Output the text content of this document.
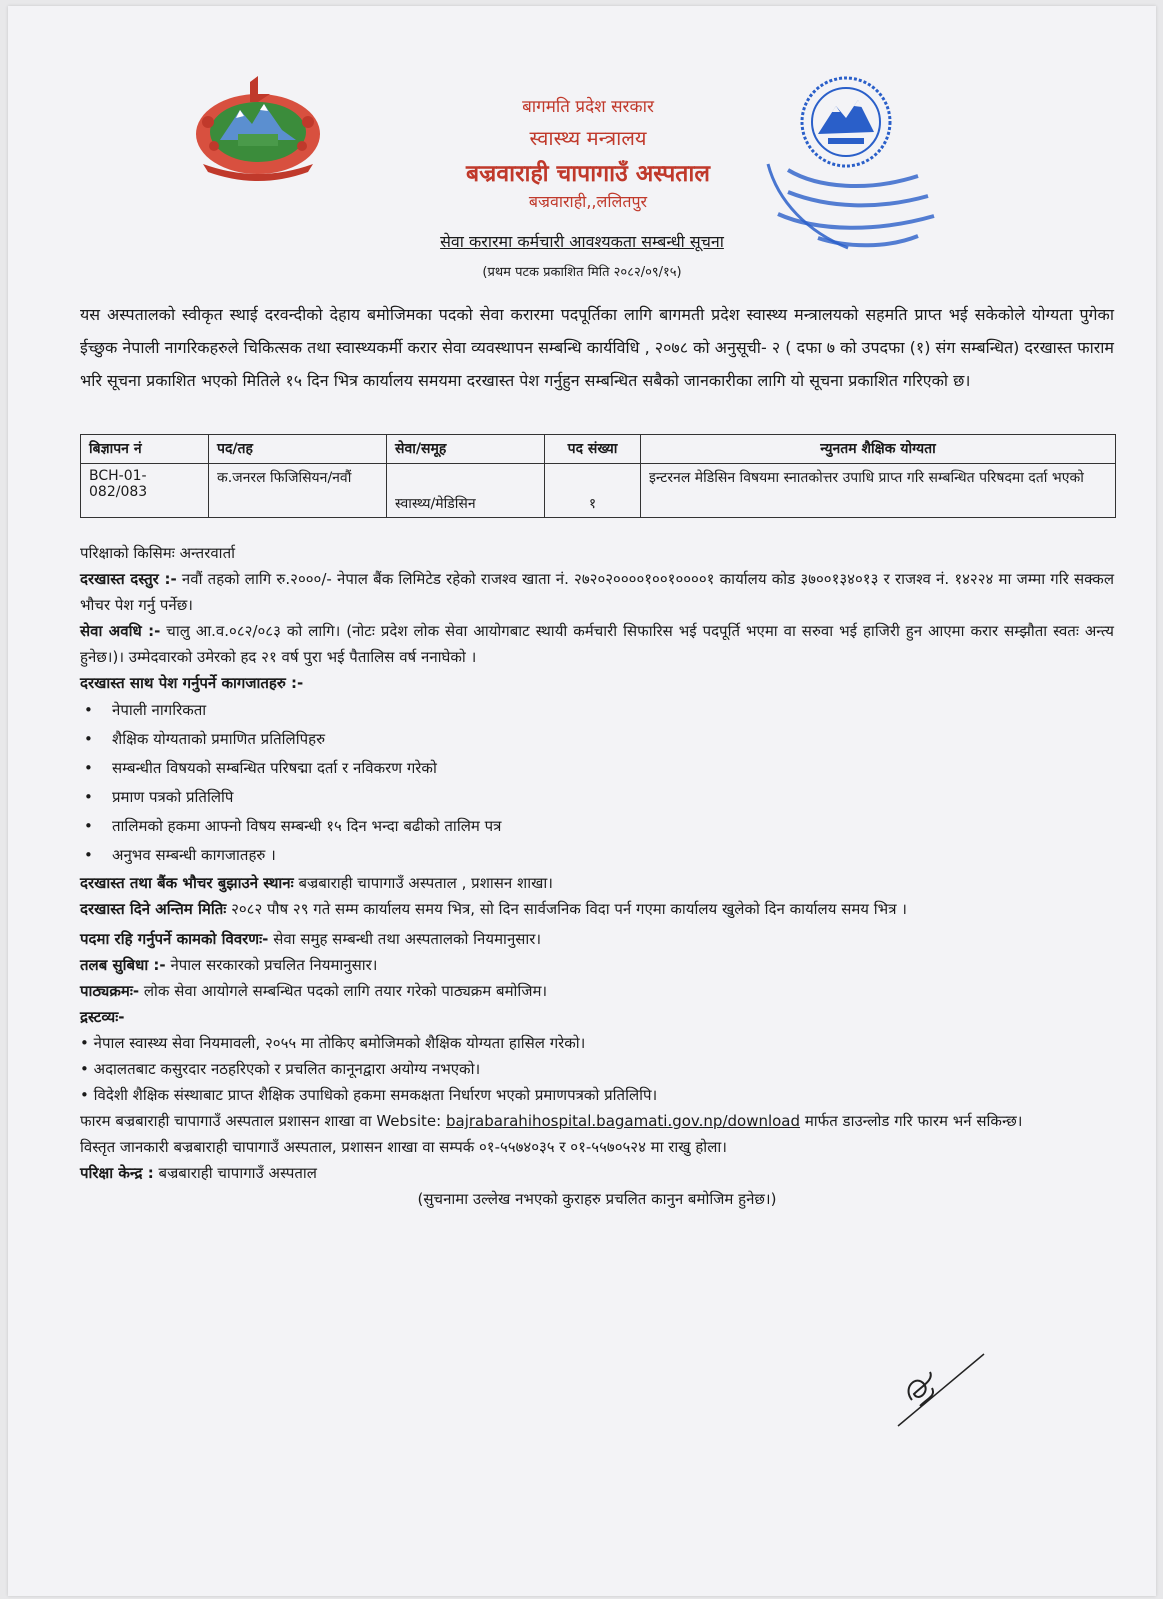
बागमति प्रदेश सरकार
स्वास्थ्य मन्त्रालय
बज्रवाराही चापागाउँ अस्पताल
बज्रवाराही,,ललितपुर
सेवा करारमा कर्मचारी आवश्यकता सम्बन्धी सूचना
(प्रथम पटक प्रकाशित मिति २०८२/०९/१५)
यस अस्पतालको स्वीकृत स्थाई दरवन्दीको देहाय बमोजिमका पदको सेवा करारमा पदपूर्तिका लागि बागमती प्रदेश स्वास्थ्य मन्त्रालयको सहमति प्राप्त भई सकेकोले योग्यता पुगेका ईच्छुक नेपाली नागरिकहरुले चिकित्सक तथा स्वास्थ्यकर्मी करार सेवा व्यवस्थापन सम्बन्धि कार्यविधि , २०७८ को अनुसूची- २ ( दफा ७ को उपदफा (१) संग सम्बन्धित) दरखास्त फाराम भरि सूचना प्रकाशित भएको मितिले १५ दिन भित्र कार्यालय समयमा दरखास्त पेश गर्नुहुन सम्बन्धित सबैको जानकारीका लागि यो सूचना प्रकाशित गरिएको छ।
बिज्ञापन नं	पद/तह	सेवा/समूह	पद संख्या	न्युनतम शैक्षिक योग्यता
BCH-01-082/083	क.जनरल फिजिसियन/नवौं	स्वास्थ्य/मेडिसिन	१	इन्टरनल मेडिसिन विषयमा स्नातकोत्तर उपाधि प्राप्त गरि सम्बन्धित परिषदमा दर्ता भएको

परिक्षाको किसिमः अन्तरवार्ता

दरखास्त दस्तुर :- नवौं तहको लागि रु.२०००/- नेपाल बैंक लिमिटेड रहेको राजश्व खाता नं. २७२०२००००१००१००००१ कार्यालय कोड ३७००१३४०१३ र राजश्व नं. १४२२४ मा जम्मा गरि सक्कल भौचर पेश गर्नु पर्नेछ।

सेवा अवधि :- चालु आ.व.०८२/०८३ को लागि। (नोटः प्रदेश लोक सेवा आयोगबाट स्थायी कर्मचारी सिफारिस भई पदपूर्ति भएमा वा सरुवा भई हाजिरी हुन आएमा करार सम्झौता स्वतः अन्त्य हुनेछ।)। उम्मेदवारको उमेरको हद २१ वर्ष पुरा भई पैतालिस वर्ष ननाघेको ।

दरखास्त साथ पेश गर्नुपर्ने कागजातहरु :-

• नेपाली नागरिकता
• शैक्षिक योग्यताको प्रमाणित प्रतिलिपिहरु
• सम्बन्धीत विषयको सम्बन्धित परिषद्मा दर्ता र नविकरण गरेको
• प्रमाण पत्रको प्रतिलिपि
• तालिमको हकमा आफ्नो विषय सम्बन्धी १५ दिन भन्दा बढीको तालिम पत्र
• अनुभव सम्बन्धी कागजातहरु ।

दरखास्त तथा बैंक भौचर बुझाउने स्थानः बज्रबाराही चापागाउँ अस्पताल , प्रशासन शाखा।

दरखास्त दिने अन्तिम मितिः २०८२ पौष २९ गते सम्म कार्यालय समय भित्र, सो दिन सार्वजनिक विदा पर्न गएमा कार्यालय खुलेको दिन कार्यालय समय भित्र ।

पदमा रहि गर्नुपर्ने कामको विवरणः- सेवा समुह सम्बन्धी तथा अस्पतालको नियमानुसार।

तलब सुबिधा :- नेपाल सरकारको प्रचलित नियमानुसार।

पाठ्यक्रमः- लोक सेवा आयोगले सम्बन्धित पदको लागि तयार गरेको पाठ्यक्रम बमोजिम।

द्रस्टव्यः-

• नेपाल स्वास्थ्य सेवा नियमावली, २०५५ मा तोकिए बमोजिमको शैक्षिक योग्यता हासिल गरेको।
• अदालतबाट कसुरदार नठहरिएको र प्रचलित कानूनद्वारा अयोग्य नभएको।
• विदेशी शैक्षिक संस्थाबाट प्राप्त शैक्षिक उपाधिको हकमा समकक्षता निर्धारण भएको प्रमाणपत्रको प्रतिलिपि।

फारम बज्रबाराही चापागाउँ अस्पताल प्रशासन शाखा वा Website: bajrabarahihospital.bagamati.gov.np/download मार्फत डाउन्लोड गरि फारम भर्न सकिन्छ।

विस्तृत जानकारी बज्रबाराही चापागाउँ अस्पताल, प्रशासन शाखा वा सम्पर्क ०१-५५७४०३५ र ०१-५५७०५२४ मा राखु होला।

परिक्षा केन्द्र : बज्रबाराही चापागाउँ अस्पताल

(सुचनामा उल्लेख नभएको कुराहरु प्रचलित कानुन बमोजिम हुनेछ।)
